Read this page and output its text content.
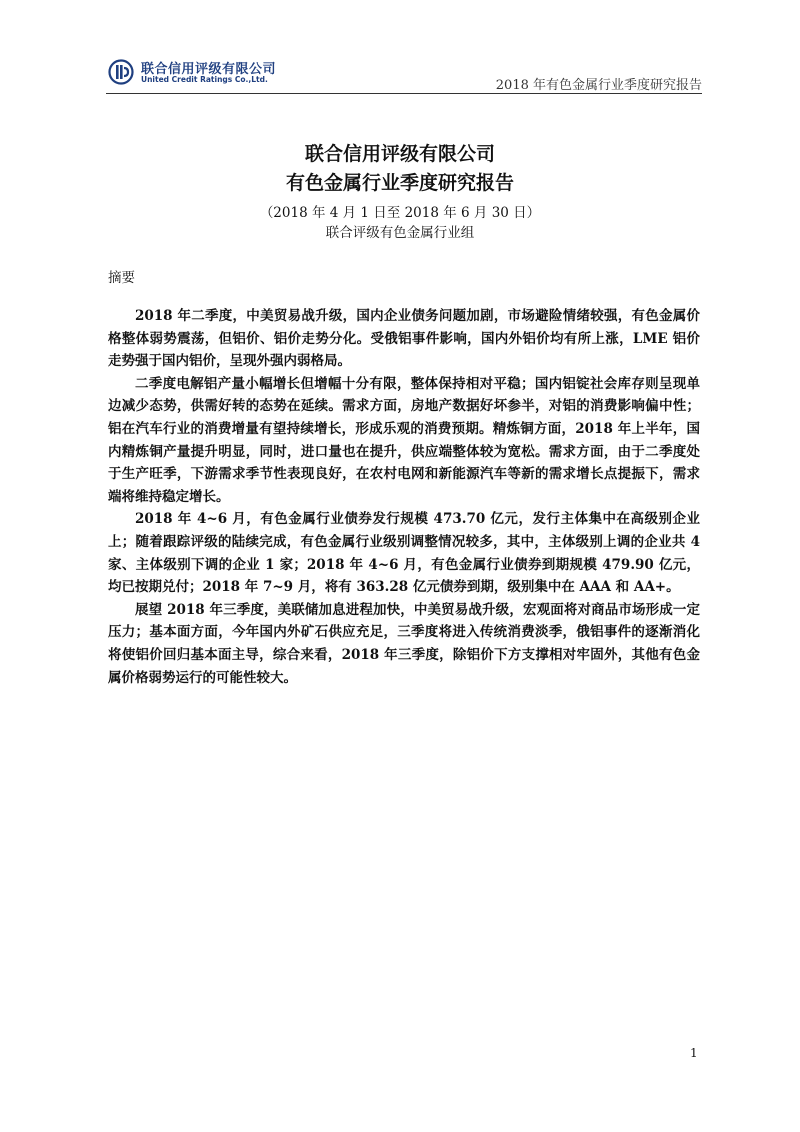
联合信用评级有限公司
United Credit Ratings Co.,Ltd.	2018 年有色金属行业季度研究报告
联合信用评级有限公司
有色金属行业季度研究报告
（2018 年 4 月 1 日至 2018 年 6 月 30 日）
联合评级有色金属行业组
摘要

2018 年二季度，中美贸易战升级，国内企业债务问题加剧，市场避险情绪较强，有色金属价格整体弱势震荡，但铝价、铝价走势分化。受俄铝事件影响，国内外铝价均有所上涨，LME 铝价走势强于国内铝价，呈现外强内弱格局。

二季度电解铝产量小幅增长但增幅十分有限，整体保持相对平稳；国内铝锭社会库存则呈现单边减少态势，供需好转的态势在延续。需求方面，房地产数据好坏参半，对铝的消费影响偏中性；铝在汽车行业的消费增量有望持续增长，形成乐观的消费预期。精炼铜方面，2018 年上半年，国内精炼铜产量提升明显，同时，进口量也在提升，供应端整体较为宽松。需求方面，由于二季度处于生产旺季，下游需求季节性表现良好，在农村电网和新能源汽车等新的需求增长点提振下，需求端将维持稳定增长。

2018 年 4~6 月，有色金属行业债券发行规模 473.70 亿元，发行主体集中在高级别企业上；随着跟踪评级的陆续完成，有色金属行业级别调整情况较多，其中，主体级别上调的企业共 4 家、主体级别下调的企业 1 家；2018 年 4~6 月，有色金属行业债券到期规模 479.90 亿元，均已按期兑付；2018 年 7~9 月，将有 363.28 亿元债券到期，级别集中在 AAA 和 AA+。

展望 2018 年三季度，美联储加息进程加快，中美贸易战升级，宏观面将对商品市场形成一定压力；基本面方面，今年国内外矿石供应充足，三季度将进入传统消费淡季，俄铝事件的逐渐消化将使铝价回归基本面主导，综合来看，2018 年三季度，除铝价下方支撑相对牢固外，其他有色金属价格弱势运行的可能性较大。

1
